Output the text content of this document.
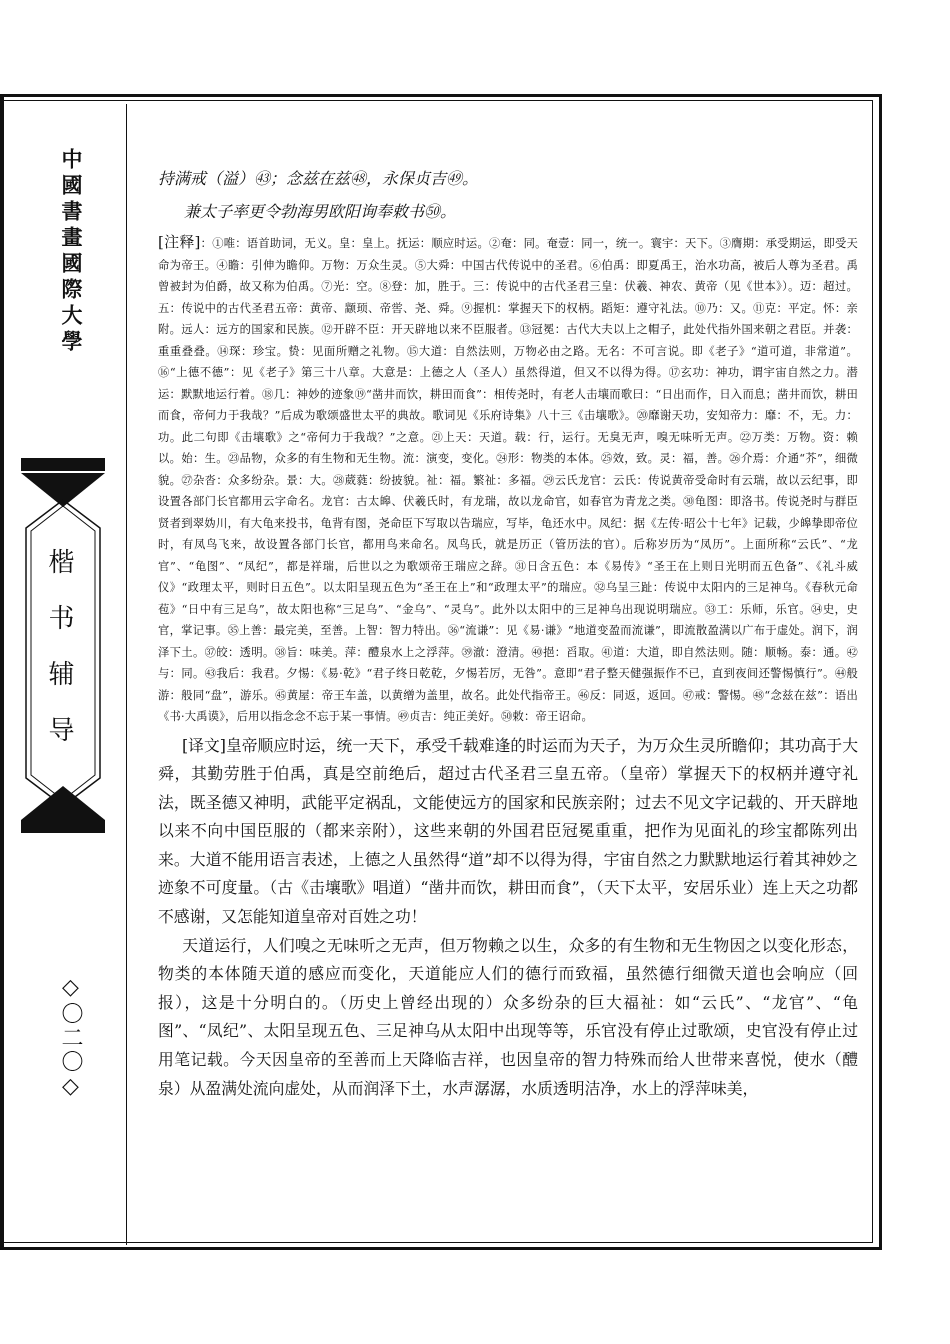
中國書畫國際大學
楷书辅导
◇〇二〇◇

持满戒（溢）㊸；念兹在兹㊽，永保贞吉㊾。

兼太子率更令勃海男欧阳询奉敕书㊿。

[注释]：①唯：语首助词，无义。皇：皇上。抚运：顺应时运。②奄：同。奄壹：同一，统一。寰宇：天下。③膺期：承受期运，即受天命为帝王。④瞻：引伸为瞻仰。万物：万众生灵。⑤大舜：中国古代传说中的圣君。⑥伯禹：即夏禹王，治水功高，被后人尊为圣君。禹曾被封为伯爵，故又称为伯禹。⑦光：空。⑧登：加，胜于。三：传说中的古代圣君三皇：伏羲、神农、黄帝（见《世本》）。迈：超过。五：传说中的古代圣君五帝：黄帝、颛顼、帝喾、尧、舜。⑨握机：掌握天下的权柄。蹈矩：遵守礼法。⑩乃：又。⑪克：平定。怀：亲附。远人：远方的国家和民族。⑫开辟不臣：开天辟地以来不臣服者。⑬冠冕：古代大夫以上之帽子，此处代指外国来朝之君臣。并袭：重重叠叠。⑭琛：珍宝。贽：见面所赠之礼物。⑮大道：自然法则，万物必由之路。无名：不可言说。即《老子》“道可道，非常道”。⑯“上德不德”：见《老子》第三十八章。大意是：上德之人（圣人）虽然得道，但又不以得为得。⑰玄功：神功，谓宇宙自然之力。潜运：默默地运行着。⑱几：神妙的迹象⑲“凿井而饮，耕田而食”：相传尧时，有老人击壤而歌曰：“日出而作，日入而息；凿井而饮，耕田而食，帝何力于我哉？”后成为歌颂盛世太平的典故。歌词见《乐府诗集》八十三《击壤歌》。⑳靡谢天功，安知帝力：靡：不，无。力：功。此二句即《击壤歌》之“帝何力于我哉？”之意。㉑上天：天道。载：行，运行。无臭无声，嗅无味听无声。㉒万类：万物。资：赖以。始：生。㉓品物，众多的有生物和无生物。流：演变，变化。㉔形：物类的本体。㉕效，致。灵：福，善。㉖介焉：介通“芥”，细微貌。㉗杂沓：众多纷杂。景：大。㉘葳蕤：纷披貌。祉：福。繁祉：多福。㉙云氏龙官：云氏：传说黄帝受命时有云瑞，故以云纪事，即设置各部门长官都用云字命名。龙官：古太皞、伏羲氏时，有龙瑞，故以龙命官，如春官为青龙之类。㉚龟图：即洛书。传说尧时与群臣贤者到翠妫川，有大龟来投书，龟背有图，尧命臣下写取以告瑞应，写毕，龟还水中。凤纪：据《左传·昭公十七年》记载，少皞挚即帝位时，有凤鸟飞来，故设置各部门长官，都用鸟来命名。凤鸟氏，就是历正（管历法的官）。后称岁历为“凤历”。上面所称“云氏”、“龙官”、“龟图”、“凤纪”，都是祥瑞，后世以之为歌颂帝王瑞应之辞。㉛日含五色：本《易传》“圣王在上则日光明而五色备”、《礼斗威仪》“政理太平，则时日五色”。以太阳呈现五色为“圣王在上”和“政理太平”的瑞应。㉜乌呈三趾：传说中太阳内的三足神乌。《春秋元命苞》“日中有三足乌”，故太阳也称“三足乌”、“金乌”、“灵乌”。此外以太阳中的三足神乌出现说明瑞应。㉝工：乐师，乐官。㉞史，史官，掌记事。㉟上善：最完美，至善。上智：智力特出。㊱“流谦”：见《易·谦》“地道变盈而流谦”，即流散盈满以广布于虚处。润下，润泽下土。㊲皎：透明。㊳旨：味美。萍：醴泉水上之浮萍。㊴澈：澄清。㊵挹：舀取。㊶道：大道，即自然法则。随：顺畅。泰：通。㊷与：同。㊸我后：我君。夕惕：《易·乾》“君子终日乾乾，夕惕若厉，无咎”。意即“君子整天健强振作不已，直到夜间还警惕慎行”。㊹般游：般同“盘”，游乐。㊺黄屋：帝王车盖，以黄缯为盖里，故名。此处代指帝王。㊻反：同返，返回。㊼戒：警惕。㊽“念兹在兹”：语出《书·大禹谟》，后用以指念念不忘于某一事情。㊾贞吉：纯正美好。㊿敕：帝王诏命。

[译文]皇帝顺应时运，统一天下，承受千载难逢的时运而为天子，为万众生灵所瞻仰；其功高于大舜，其勤劳胜于伯禹，真是空前绝后，超过古代圣君三皇五帝。（皇帝）掌握天下的权柄并遵守礼法，既圣德又神明，武能平定祸乱，文能使远方的国家和民族亲附；过去不见文字记载的、开天辟地以来不向中国臣服的（都来亲附），这些来朝的外国君臣冠冕重重，把作为见面礼的珍宝都陈列出来。大道不能用语言表述，上德之人虽然得“道”却不以得为得，宇宙自然之力默默地运行着其神妙之迹象不可度量。（古《击壤歌》唱道）“凿井而饮，耕田而食”，（天下太平，安居乐业）连上天之功都不感谢，又怎能知道皇帝对百姓之功！

天道运行，人们嗅之无味听之无声，但万物赖之以生，众多的有生物和无生物因之以变化形态，物类的本体随天道的感应而变化，天道能应人们的德行而致福，虽然德行细微天道也会响应（回报），这是十分明白的。（历史上曾经出现的）众多纷杂的巨大福祉：如“云氏”、“龙官”、“龟图”、“凤纪”、太阳呈现五色、三足神乌从太阳中出现等等，乐官没有停止过歌颂，史官没有停止过用笔记载。今天因皇帝的至善而上天降临吉祥，也因皇帝的智力特殊而给人世带来喜悦，使水（醴泉）从盈满处流向虚处，从而润泽下土，水声潺潺，水质透明洁净，水上的浮萍味美，
